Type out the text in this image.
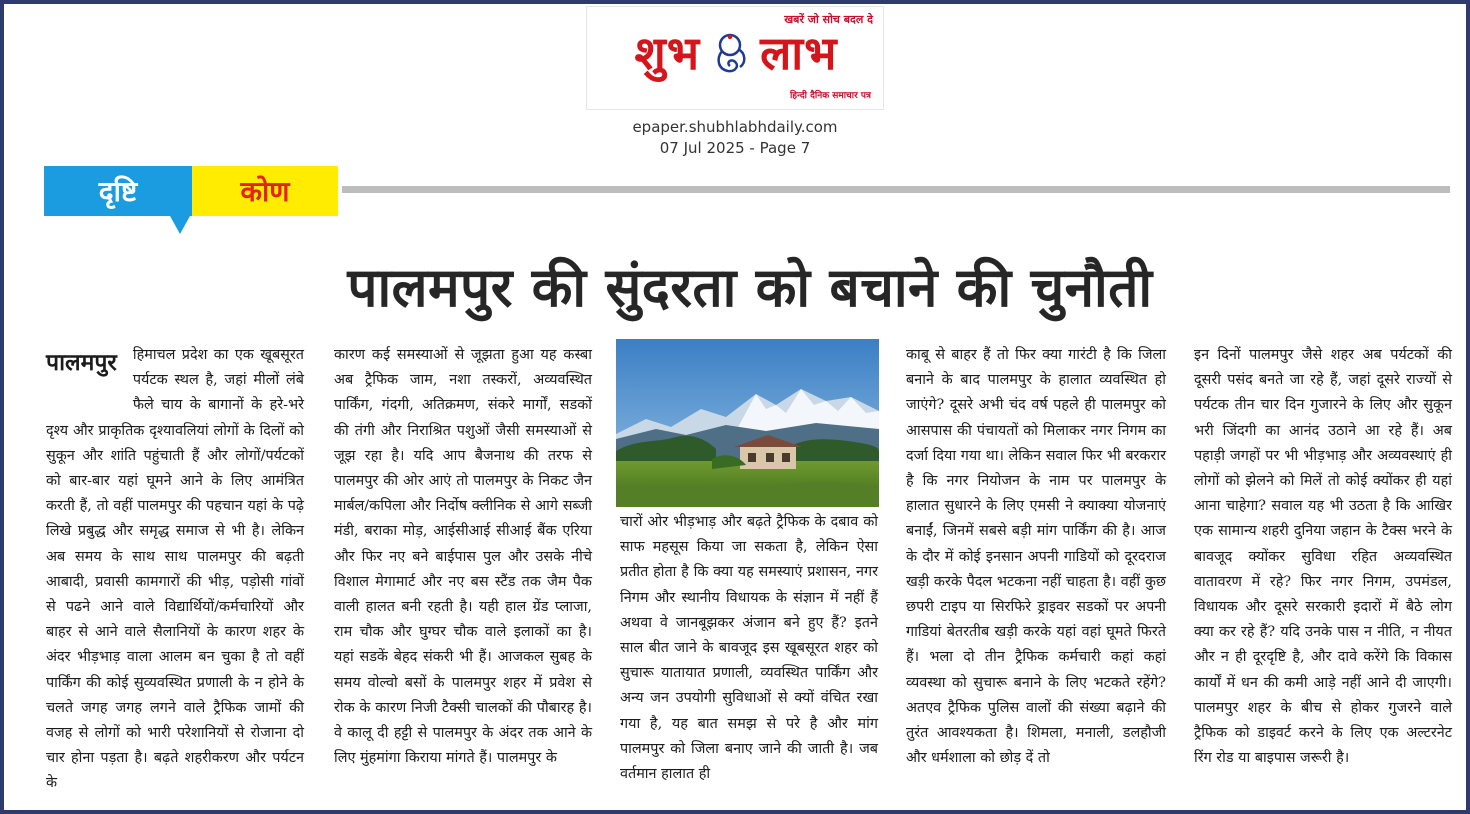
खबरें जो सोच बदल दे
शुभ लाभ
हिन्दी दैनिक समाचार पत्र
epaper.shubhlabhdaily.com
07 Jul 2025 - Page 7
दृष्टि	कोण
पालमपुर की सुंदरता को बचाने की चुनौती
पालमपुर हिमाचल प्रदेश का एक खूबसूरत पर्यटक स्थल है, जहां मीलों लंबे फैले चाय के बागानों के हरे-भरे दृश्य और प्राकृतिक दृश्यावलियां लोगों के दिलों को सुकून और शांति पहुंचाती हैं और लोगों/पर्यटकों को बार-बार यहां घूमने आने के लिए आमंत्रित करती हैं, तो वहीं पालमपुर की पहचान यहां के पढ़े लिखे प्रबुद्ध और समृद्ध समाज से भी है। लेकिन अब समय के साथ साथ पालमपुर की बढ़ती आबादी, प्रवासी कामगारों की भीड़, पड़ोसी गांवों से पढने आने वाले विद्यार्थियों/कर्मचारियों और बाहर से आने वाले सैलानियों के कारण शहर के अंदर भीड़भाड़ वाला आलम बन चुका है तो वहीं पार्किंग की कोई सुव्यवस्थित प्रणाली के न होने के चलते जगह जगह लगने वाले ट्रैफिक जामों की वजह से लोगों को भारी परेशानियों से रोजाना दो चार होना पड़ता है। बढ़ते शहरीकरण और पर्यटन के
कारण कई समस्याओं से जूझता हुआ यह कस्बा अब ट्रैफिक जाम, नशा तस्करों, अव्यवस्थित पार्किंग, गंदगी, अतिक्रमण, संकरे मार्गों, सडकों की तंगी और निराश्रित पशुओं जैसी समस्याओं से जूझ रहा है। यदि आप बैजनाथ की तरफ से पालमपुर की ओर आएं तो पालमपुर के निकट जैन मार्बल/कपिला और निर्दोष क्लीनिक से आगे सब्जी मंडी, बराका मोड़, आईसीआई सीआई बैंक एरिया और फिर नए बने बाईपास पुल और उसके नीचे विशाल मेगामार्ट और नए बस स्टैंड तक जैम पैक वाली हालत बनी रहती है। यही हाल ग्रेंड प्लाजा, राम चौक और घुग्घर चौक वाले इलाकों का है। यहां सडकें बेहद संकरी भी हैं। आजकल सुबह के समय वोल्वो बसों के पालमपुर शहर में प्रवेश से रोक के कारण निजी टैक्सी चालकों की पौबारह है। वे कालू दी हट्टी से पालमपुर के अंदर तक आने के लिए मुंहमांगा किराया मांगते हैं। पालमपुर के
चारों ओर भीड़भाड़ और बढ़ते ट्रैफिक के दबाव को साफ महसूस किया जा सकता है, लेकिन ऐसा प्रतीत होता है कि क्या यह समस्याएं प्रशासन, नगर निगम और स्थानीय विधायक के संज्ञान में नहीं हैं अथवा वे जानबूझकर अंजान बने हुए हैं? इतने साल बीत जाने के बावजूद इस खूबसूरत शहर को सुचारू यातायात प्रणाली, व्यवस्थित पार्किंग और अन्य जन उपयोगी सुविधाओं से क्यों वंचित रखा गया है, यह बात समझ से परे है और मांग पालमपुर को जिला बनाए जाने की जाती है। जब वर्तमान हालात ही
काबू से बाहर हैं तो फिर क्या गारंटी है कि जिला बनाने के बाद पालमपुर के हालात व्यवस्थित हो जाएंगे? दूसरे अभी चंद वर्ष पहले ही पालमपुर को आसपास की पंचायतों को मिलाकर नगर निगम का दर्जा दिया गया था। लेकिन सवाल फिर भी बरकरार है कि नगर नियोजन के नाम पर पालमपुर के हालात सुधारने के लिए एमसी ने क्याक्या योजनाएं बनाईं, जिनमें सबसे बड़ी मांग पार्किंग की है। आज के दौर में कोई इनसान अपनी गाडियों को दूरदराज खड़ी करके पैदल भटकना नहीं चाहता है। वहीं कुछ छपरी टाइप या सिरफिरे ड्राइवर सडकों पर अपनी गाडियां बेतरतीब खड़ी करके यहां वहां घूमते फिरते हैं। भला दो तीन ट्रैफिक कर्मचारी कहां कहां व्यवस्था को सुचारू बनाने के लिए भटकते रहेंगे? अतएव ट्रैफिक पुलिस वालों की संख्या बढ़ाने की तुरंत आवश्यकता है। शिमला, मनाली, डलहौजी और धर्मशाला को छोड़ दें तो
इन दिनों पालमपुर जैसे शहर अब पर्यटकों की दूसरी पसंद बनते जा रहे हैं, जहां दूसरे राज्यों से पर्यटक तीन चार दिन गुजारने के लिए और सुकून भरी जिंदगी का आनंद उठाने आ रहे हैं। अब पहाड़ी जगहों पर भी भीड़भाड़ और अव्यवस्थाएं ही लोगों को झेलने को मिलें तो कोई क्योंकर ही यहां आना चाहेगा? सवाल यह भी उठता है कि आखिर एक सामान्य शहरी दुनिया जहान के टैक्स भरने के बावजूद क्योंकर सुविधा रहित अव्यवस्थित वातावरण में रहे? फिर नगर निगम, उपमंडल, विधायक और दूसरे सरकारी इदारों में बैठे लोग क्या कर रहे हैं? यदि उनके पास न नीति, न नीयत और न ही दूरदृष्टि है, और दावे करेंगे कि विकास कार्यों में धन की कमी आड़े नहीं आने दी जाएगी। पालमपुर शहर के बीच से होकर गुजरने वाले ट्रैफिक को डाइवर्ट करने के लिए एक अल्टरनेट रिंग रोड या बाइपास जरूरी है।
